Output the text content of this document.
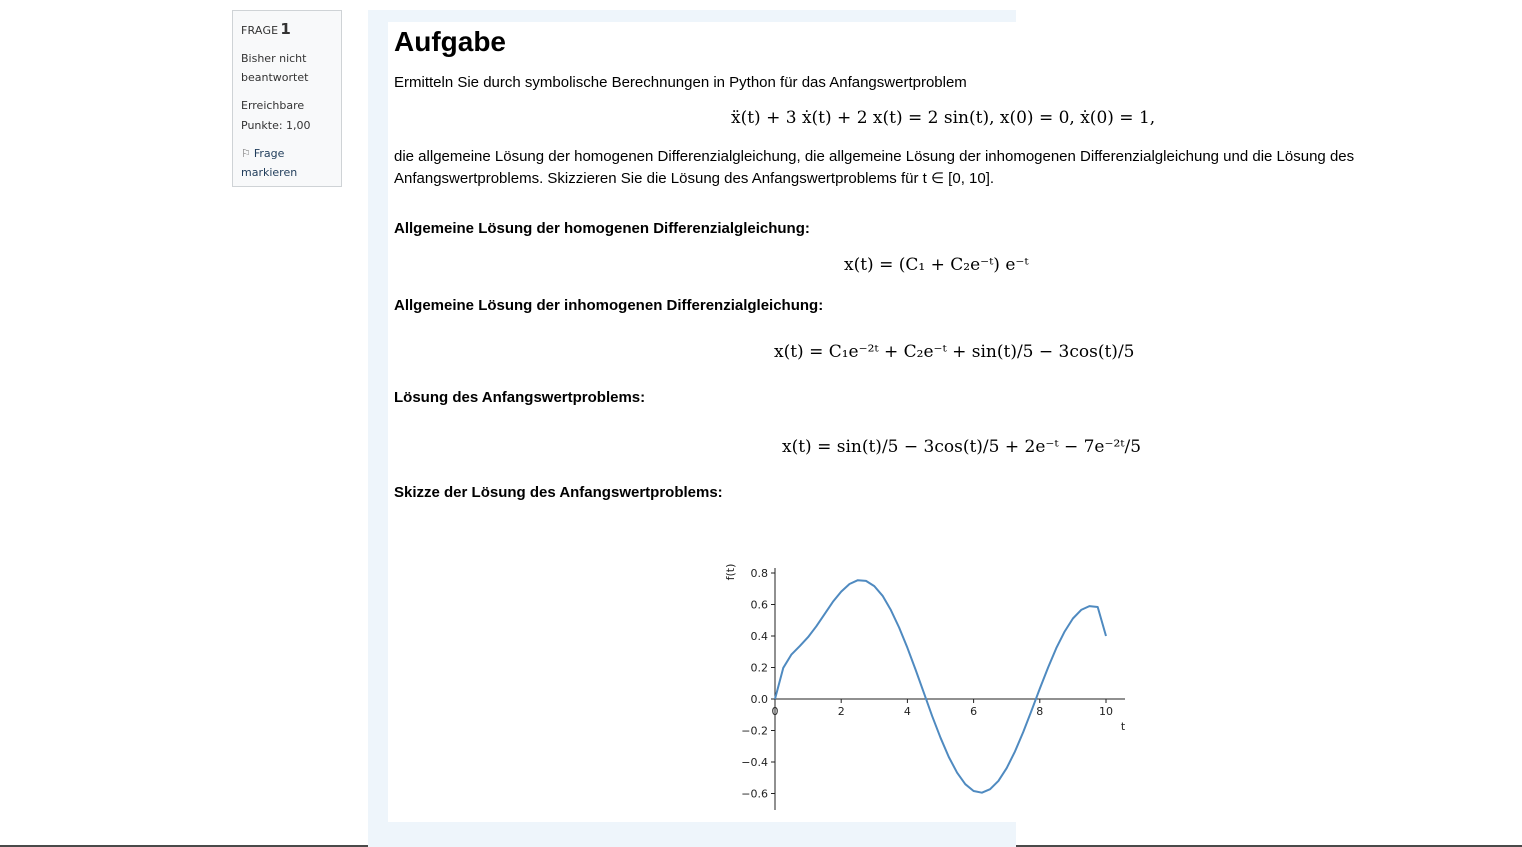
FRAGE 1
Bisher nicht beantwortet
Erreichbare Punkte: 1,00
⚐ Frage markieren
Aufgabe
Ermitteln Sie durch symbolische Berechnungen in Python für das Anfangswertproblem
ẍ(t) + 3 ẋ(t) + 2 x(t) = 2 sin(t), x(0) = 0, ẋ(0) = 1,
die allgemeine Lösung der homogenen Differenzialgleichung, die allgemeine Lösung der inhomogenen Differenzialgleichung und die Lösung des
Anfangswertproblems. Skizzieren Sie die Lösung des Anfangswertproblems für t ∈ [0, 10].
Allgemeine Lösung der homogenen Differenzialgleichung:
x(t) = (C₁ + C₂e⁻ᵗ) e⁻ᵗ
Allgemeine Lösung der inhomogenen Differenzialgleichung:
x(t) = C₁e⁻²ᵗ + C₂e⁻ᵗ + sin(t)/5 − 3cos(t)/5
Lösung des Anfangswertproblems:
x(t) = sin(t)/5 − 3cos(t)/5 + 2e⁻ᵗ − 7e⁻²ᵗ/5
Skizze der Lösung des Anfangswertproblems:
f(t)
t
0	2	4	6	8	10
−0.6
−0.4
−0.2
0.0
0.2
0.4
0.6
0.8
